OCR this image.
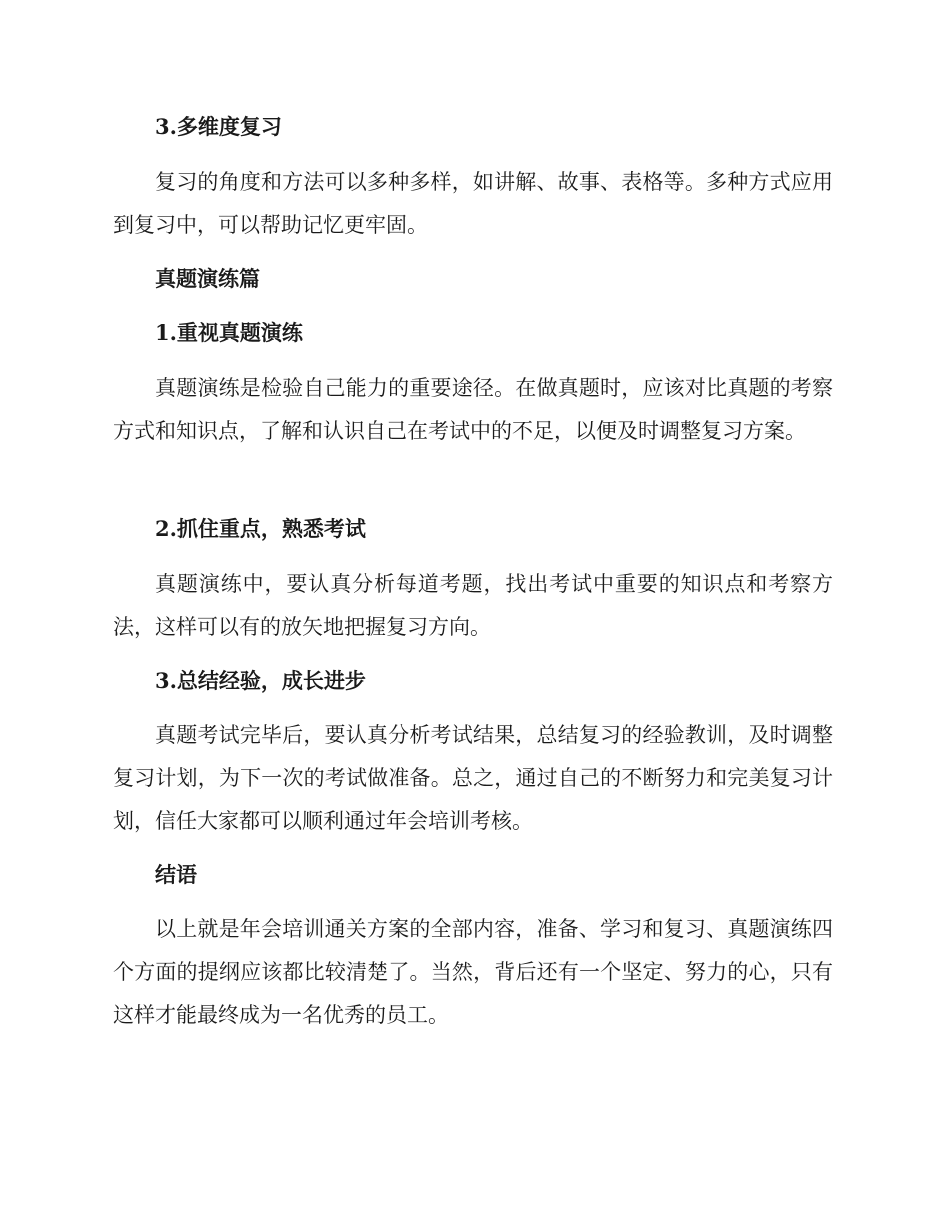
3.多维度复习
复习的角度和方法可以多种多样，如讲解、故事、表格等。多种方式应用到复习中，可以帮助记忆更牢固。
真题演练篇
1.重视真题演练
真题演练是检验自己能力的重要途径。在做真题时，应该对比真题的考察方式和知识点，了解和认识自己在考试中的不足，以便及时调整复习方案。
2.抓住重点，熟悉考试
真题演练中，要认真分析每道考题，找出考试中重要的知识点和考察方法，这样可以有的放矢地把握复习方向。
3.总结经验，成长进步
真题考试完毕后，要认真分析考试结果，总结复习的经验教训，及时调整复习计划，为下一次的考试做准备。总之，通过自己的不断努力和完美复习计划，信任大家都可以顺利通过年会培训考核。
结语
以上就是年会培训通关方案的全部内容，准备、学习和复习、真题演练四个方面的提纲应该都比较清楚了。当然，背后还有一个坚定、努力的心，只有这样才能最终成为一名优秀的员工。
